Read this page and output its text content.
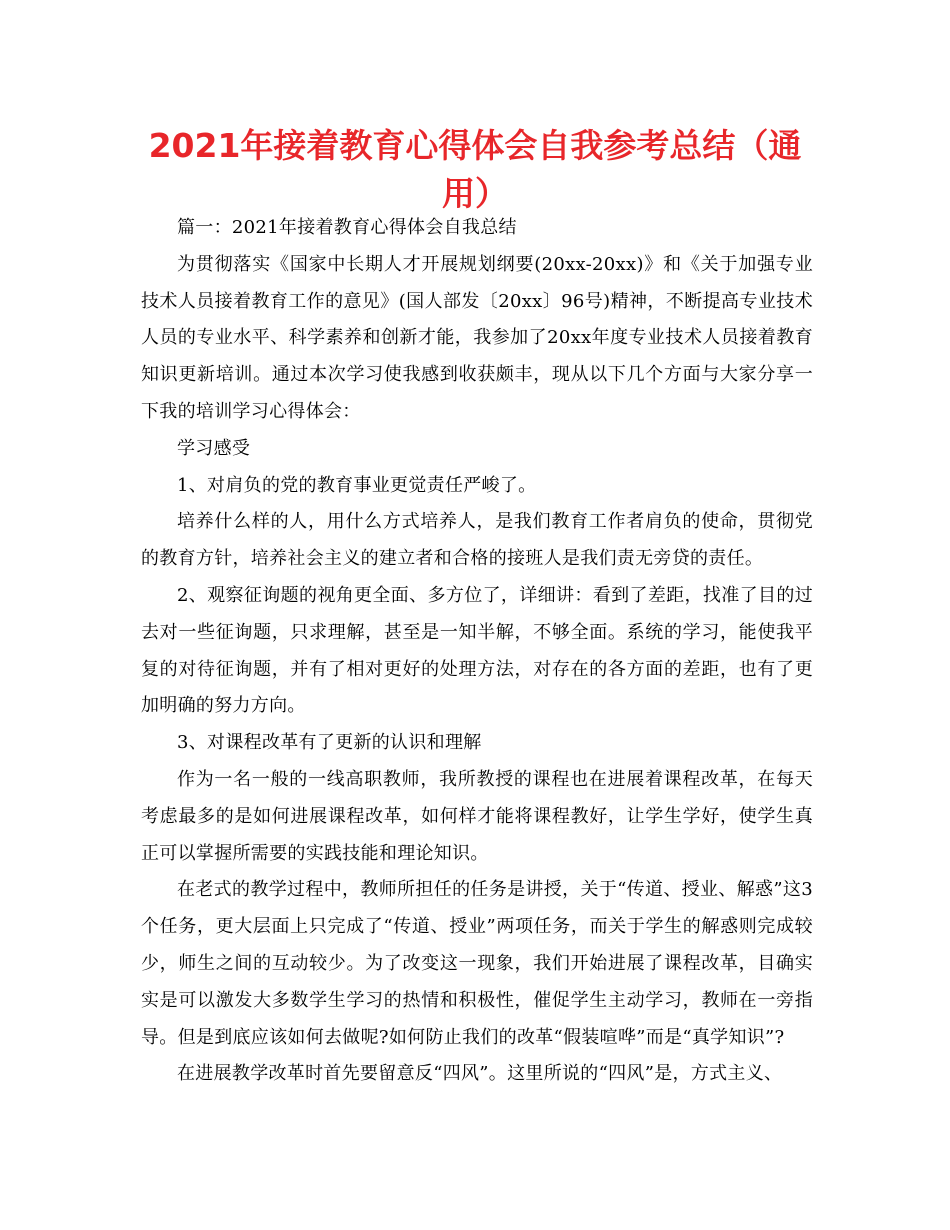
2021年接着教育心得体会自我参考总结（通用）

篇一：2021年接着教育心得体会自我总结

为贯彻落实《国家中长期人才开展规划纲要(20xx-20xx)》和《关于加强专业技术人员接着教育工作的意见》(国人部发〔20xx〕96号)精神，不断提高专业技术人员的专业水平、科学素养和创新才能，我参加了20xx年度专业技术人员接着教育知识更新培训。通过本次学习使我感到收获颇丰，现从以下几个方面与大家分享一下我的培训学习心得体会：

学习感受

1、对肩负的党的教育事业更觉责任严峻了。

培养什么样的人，用什么方式培养人，是我们教育工作者肩负的使命，贯彻党的教育方针，培养社会主义的建立者和合格的接班人是我们责无旁贷的责任。

2、观察征询题的视角更全面、多方位了，详细讲：看到了差距，找准了目的过去对一些征询题，只求理解，甚至是一知半解，不够全面。系统的学习，能使我平复的对待征询题，并有了相对更好的处理方法，对存在的各方面的差距，也有了更加明确的努力方向。

3、对课程改革有了更新的认识和理解

作为一名一般的一线高职教师，我所教授的课程也在进展着课程改革，在每天考虑最多的是如何进展课程改革，如何样才能将课程教好，让学生学好，使学生真正可以掌握所需要的实践技能和理论知识。

在老式的教学过程中，教师所担任的任务是讲授，关于“传道、授业、解惑”这3个任务，更大层面上只完成了“传道、授业”两项任务，而关于学生的解惑则完成较少，师生之间的互动较少。为了改变这一现象，我们开始进展了课程改革，目确实实是可以激发大多数学生学习的热情和积极性，催促学生主动学习，教师在一旁指导。但是到底应该如何去做呢?如何防止我们的改革“假装喧哗”而是“真学知识”?

在进展教学改革时首先要留意反“四风”。这里所说的“四风”是，方式主义、
